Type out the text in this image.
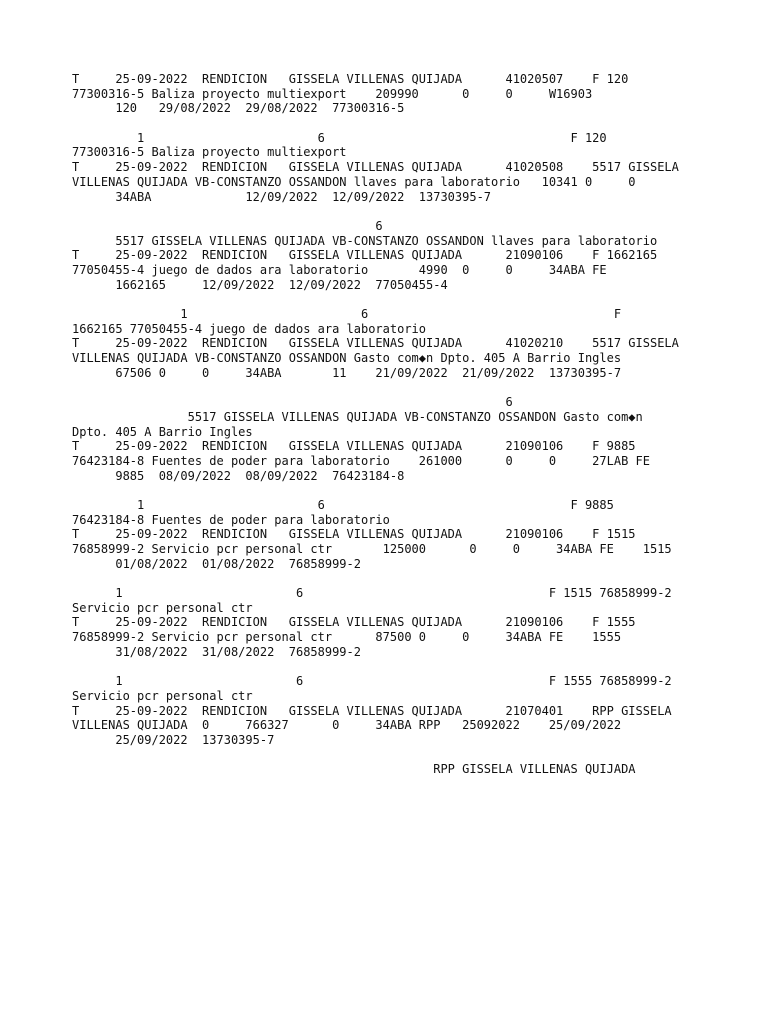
T     25-09-2022  RENDICION   GISSELA VILLENAS QUIJADA      41020507    F 120
77300316-5 Baliza proyecto multiexport    209990      0     0     W16903
120   29/08/2022  29/08/2022  77300316-5
1                        6                                  F 120
77300316-5 Baliza proyecto multiexport
T     25-09-2022  RENDICION   GISSELA VILLENAS QUIJADA      41020508    5517 GISSELA
VILLENAS QUIJADA VB-CONSTANZO OSSANDON llaves para laboratorio   10341 0     0
34ABA             12/09/2022  12/09/2022  13730395-7
6
5517 GISSELA VILLENAS QUIJADA VB-CONSTANZO OSSANDON llaves para laboratorio
T     25-09-2022  RENDICION   GISSELA VILLENAS QUIJADA      21090106    F 1662165
77050455-4 juego de dados ara laboratorio       4990  0     0     34ABA FE
1662165     12/09/2022  12/09/2022  77050455-4
1                        6                                  F
1662165 77050455-4 juego de dados ara laboratorio
T     25-09-2022  RENDICION   GISSELA VILLENAS QUIJADA      41020210    5517 GISSELA
VILLENAS QUIJADA VB-CONSTANZO OSSANDON Gasto com◆n Dpto. 405 A Barrio Ingles
67506 0     0     34ABA       11    21/09/2022  21/09/2022  13730395-7
6
5517 GISSELA VILLENAS QUIJADA VB-CONSTANZO OSSANDON Gasto com◆n
Dpto. 405 A Barrio Ingles
T     25-09-2022  RENDICION   GISSELA VILLENAS QUIJADA      21090106    F 9885
76423184-8 Fuentes de poder para laboratorio    261000      0     0     27LAB FE
9885  08/09/2022  08/09/2022  76423184-8
1                        6                                  F 9885
76423184-8 Fuentes de poder para laboratorio
T     25-09-2022  RENDICION   GISSELA VILLENAS QUIJADA      21090106    F 1515
76858999-2 Servicio pcr personal ctr       125000      0     0     34ABA FE    1515
01/08/2022  01/08/2022  76858999-2
1                        6                                  F 1515 76858999-2
Servicio pcr personal ctr
T     25-09-2022  RENDICION   GISSELA VILLENAS QUIJADA      21090106    F 1555
76858999-2 Servicio pcr personal ctr      87500 0     0     34ABA FE    1555
31/08/2022  31/08/2022  76858999-2
1                        6                                  F 1555 76858999-2
Servicio pcr personal ctr
T     25-09-2022  RENDICION   GISSELA VILLENAS QUIJADA      21070401    RPP GISSELA
VILLENAS QUIJADA  0     766327      0     34ABA RPP   25092022    25/09/2022
25/09/2022  13730395-7
RPP GISSELA VILLENAS QUIJADA
